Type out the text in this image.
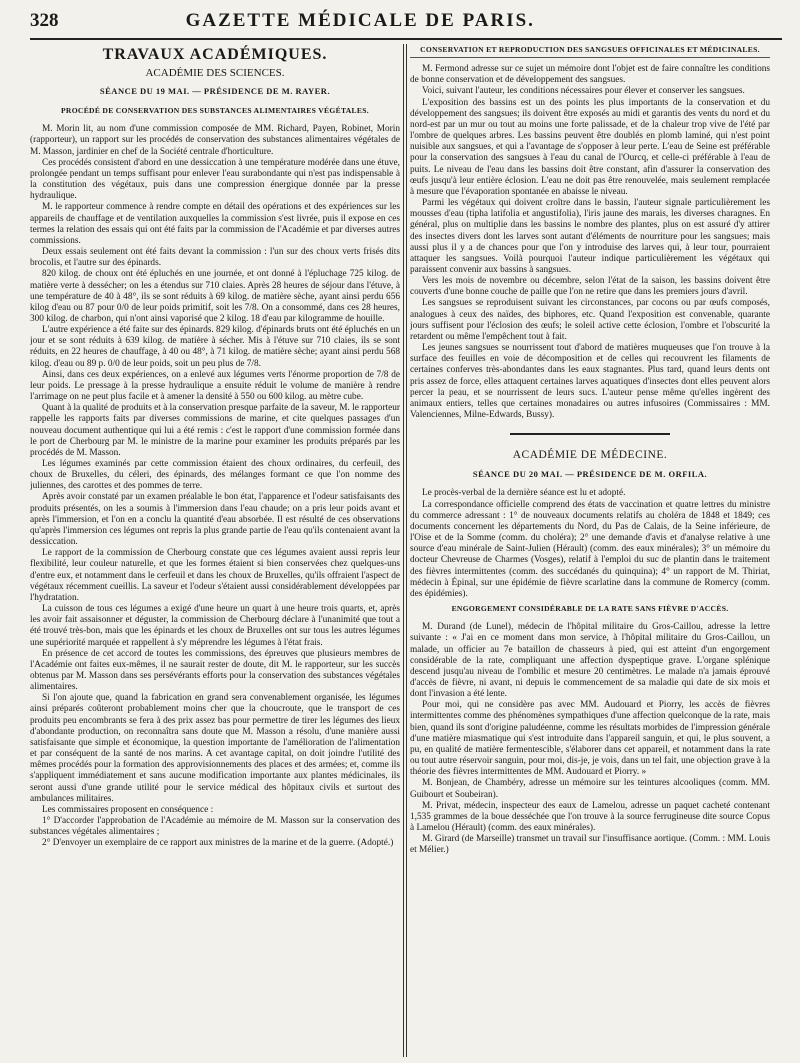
328	GAZETTE MÉDICALE DE PARIS.
TRAVAUX ACADÉMIQUES.
ACADÉMIE DES SCIENCES.
SÉANCE DU 19 MAI. — PRÉSIDENCE DE M. RAYER.
PROCÉDÉ DE CONSERVATION DES SUBSTANCES ALIMENTAIRES VÉGÉTALES.

M. Morin lit, au nom d'une commission composée de MM. Richard, Payen, Robinet, Morin (rapporteur), un rapport sur les procédés de conservation des substances alimentaires végétales de M. Masson, jardinier en chef de la Société centrale d'horticulture.

Ces procédés consistent d'abord en une dessiccation à une température modérée dans une étuve, prolongée pendant un temps suffisant pour enlever l'eau surabondante qui n'est pas indispensable à la constitution des végétaux, puis dans une compression énergique donnée par la presse hydraulique.

M. le rapporteur commence à rendre compte en détail des opérations et des expériences sur les appareils de chauffage et de ventilation auxquelles la commission s'est livrée, puis il expose en ces termes la relation des essais qui ont été faits par la commission de l'Académie et par diverses autres commissions.

Deux essais seulement ont été faits devant la commission : l'un sur des choux verts frisés dits brocolis, et l'autre sur des épinards.

820 kilog. de choux ont été épluchés en une journée, et ont donné à l'épluchage 725 kilog. de matière verte à dessécher; on les a étendus sur 710 claies. Après 28 heures de séjour dans l'étuve, à une température de 40 à 48°, ils se sont réduits à 69 kilog. de matière sèche, ayant ainsi perdu 656 kilog d'eau ou 87 pour 0/0 de leur poids primitif, soit les 7/8. On a consommé, dans ces 28 heures, 300 kilog. de charbon, qui n'ont ainsi vaporisé que 2 kilog. 18 d'eau par kilogramme de houille.

L'autre expérience a été faite sur des épinards. 829 kilog. d'épinards bruts ont été épluchés en un jour et se sont réduits à 639 kilog. de matière à sécher. Mis à l'étuve sur 710 claies, ils se sont réduits, en 22 heures de chauffage, à 40 ou 48°, à 71 kilog. de matière sèche; ayant ainsi perdu 568 kilog. d'eau ou 89 p. 0/0 de leur poids, soit un peu plus de 7/8.

Ainsi, dans ces deux expériences, on a enlevé aux légumes verts l'énorme proportion de 7/8 de leur poids. Le pressage à la presse hydraulique a ensuite réduit le volume de manière à rendre l'arrimage on ne peut plus facile et à amener la densité à 550 ou 600 kilog. au mètre cube.

Quant à la qualité de produits et à la conservation presque parfaite de la saveur, M. le rapporteur rappelle les rapports faits par diverses commissions de marine, et cite quelques passages d'un nouveau document authentique qui lui a été remis : c'est le rapport d'une commission formée dans le port de Cherbourg par M. le ministre de la marine pour examiner les produits préparés par les procédés de M. Masson.

Les légumes examinés par cette commission étaient des choux ordinaires, du cerfeuil, des choux de Bruxelles, du céleri, des épinards, des mélanges formant ce que l'on nomme des juliennes, des carottes et des pommes de terre.

Après avoir constaté par un examen préalable le bon état, l'apparence et l'odeur satisfaisants des produits présentés, on les a soumis à l'immersion dans l'eau chaude; on a pris leur poids avant et après l'immersion, et l'on en a conclu la quantité d'eau absorbée. Il est résulté de ces observations qu'après l'immersion ces légumes ont repris la plus grande partie de l'eau qu'ils contenaient avant la dessiccation.

Le rapport de la commission de Cherbourg constate que ces légumes avaient aussi repris leur flexibilité, leur couleur naturelle, et que les formes étaient si bien conservées chez quelques-uns d'entre eux, et notamment dans le cerfeuil et dans les choux de Bruxelles, qu'ils offraient l'aspect de végétaux récemment cueillis. La saveur et l'odeur s'étaient aussi considérablement développées par l'hydratation.

La cuisson de tous ces légumes a exigé d'une heure un quart à une heure trois quarts, et, après les avoir fait assaisonner et déguster, la commission de Cherbourg déclare à l'unanimité que tout a été trouvé très-bon, mais que les épinards et les choux de Bruxelles ont sur tous les autres légumes une supériorité marquée et rappellent à s'y méprendre les légumes à l'état frais.

En présence de cet accord de toutes les commissions, des épreuves que plusieurs membres de l'Académie ont faites eux-mêmes, il ne saurait rester de doute, dit M. le rapporteur, sur les succès obtenus par M. Masson dans ses persévérants efforts pour la conservation des substances végétales alimentaires.

Si l'on ajoute que, quand la fabrication en grand sera convenablement organisée, les légumes ainsi préparés coûteront probablement moins cher que la choucroute, que le transport de ces produits peu encombrants se fera à des prix assez bas pour permettre de tirer les légumes des lieux d'abondante production, on reconnaîtra sans doute que M. Masson a résolu, d'une manière aussi satisfaisante que simple et économique, la question importante de l'amélioration de l'alimentation et par conséquent de la santé de nos marins. A cet avantage capital, on doit joindre l'utilité des mêmes procédés pour la formation des approvisionnements des places et des armées; et, comme ils s'appliquent immédiatement et sans aucune modification importante aux plantes médicinales, ils seront aussi d'une grande utilité pour le service médical des hôpitaux civils et surtout des ambulances militaires.

Les commissaires proposent en conséquence :

1° D'accorder l'approbation de l'Académie au mémoire de M. Masson sur la conservation des substances végétales alimentaires ;

2° D'envoyer un exemplaire de ce rapport aux ministres de la marine et de la guerre. (Adopté.)

CONSERVATION ET REPRODUCTION DES SANGSUES OFFICINALES ET MÉDICINALES.

M. Fermond adresse sur ce sujet un mémoire dont l'objet est de faire connaître les conditions de bonne conservation et de développement des sangsues.

Voici, suivant l'auteur, les conditions nécessaires pour élever et conserver les sangsues.

L'exposition des bassins est un des points les plus importants de la conservation et du développement des sangsues; ils doivent être exposés au midi et garantis des vents du nord et du nord-est par un mur ou tout au moins une forte palissade, et de la chaleur trop vive de l'été par l'ombre de quelques arbres. Les bassins peuvent être doublés en plomb laminé, qui n'est point nuisible aux sangsues, et qui a l'avantage de s'opposer à leur perte. L'eau de Seine est préférable pour la conservation des sangsues à l'eau du canal de l'Ourcq, et celle-ci préférable à l'eau de puits. Le niveau de l'eau dans les bassins doit être constant, afin d'assurer la conservation des œufs jusqu'à leur entière éclosion. L'eau ne doit pas être renouvelée, mais seulement remplacée à mesure que l'évaporation spontanée en abaisse le niveau.

Parmi les végétaux qui doivent croître dans le bassin, l'auteur signale particulièrement les mousses d'eau (tipha latifolia et angustifolia), l'iris jaune des marais, les diverses charagnes. En général, plus on multiplie dans les bassins le nombre des plantes, plus on est assuré d'y attirer des insectes divers dont les larves sont autant d'éléments de nourriture pour les sangsues; mais aussi plus il y a de chances pour que l'on y introduise des larves qui, à leur tour, pourraient attaquer les sangsues. Voilà pourquoi l'auteur indique particulièrement les végétaux qui paraissent convenir aux bassins à sangsues.

Vers les mois de novembre ou décembre, selon l'état de la saison, les bassins doivent être couverts d'une bonne couche de paille que l'on ne retire que dans les premiers jours d'avril.

Les sangsues se reproduisent suivant les circonstances, par cocons ou par œufs composés, analogues à ceux des naïdes, des biphores, etc. Quand l'exposition est convenable, quarante jours suffisent pour l'éclosion des œufs; le soleil active cette éclosion, l'ombre et l'obscurité la retardent ou même l'empêchent tout à fait.

Les jeunes sangsues se nourrissent tout d'abord de matières muqueuses que l'on trouve à la surface des feuilles en voie de décomposition et de celles qui recouvrent les filaments de certaines conferves très-abondantes dans les eaux stagnantes. Plus tard, quand leurs dents ont pris assez de force, elles attaquent certaines larves aquatiques d'insectes dont elles peuvent alors percer la peau, et se nourrissent de leurs sucs. L'auteur pense même qu'elles ingèrent des animaux entiers, telles que certaines monadaires ou autres infusoires (Commissaires : MM. Valenciennes, Milne-Edwards, Bussy).

ACADÉMIE DE MÉDECINE.
SÉANCE DU 20 MAI. — PRÉSIDENCE DE M. ORFILA.

Le procès-verbal de la dernière séance est lu et adopté.

La correspondance officielle comprend des états de vaccination et quatre lettres du ministre du commerce adressant : 1° de nouveaux documents relatifs au choléra de 1848 et 1849; ces documents concernent les départements du Nord, du Pas de Calais, de la Seine inférieure, de l'Oise et de la Somme (comm. du choléra); 2° une demande d'avis et d'analyse relative à une source d'eau minérale de Saint-Julien (Hérault) (comm. des eaux minérales); 3° un mémoire du docteur Chevreuse de Charmes (Vosges), relatif à l'emploi du suc de plantin dans le traitement des fièvres intermittentes (comm. des succédanés du quinquina); 4° un rapport de M. Thiriat, médecin à Épinal, sur une épidémie de fièvre scarlatine dans la commune de Romercy (comm. des épidémies).

ENGORGEMENT CONSIDÉRABLE DE LA RATE SANS FIÈVRE D'ACCÈS.

M. Durand (de Lunel), médecin de l'hôpital militaire du Gros-Caillou, adresse la lettre suivante : « J'ai en ce moment dans mon service, à l'hôpital militaire du Gros-Caillou, un malade, un officier au 7e bataillon de chasseurs à pied, qui est atteint d'un engorgement considérable de la rate, compliquant une affection dyspeptique grave. L'organe splénique descend jusqu'au niveau de l'ombilic et mesure 20 centimètres. Le malade n'a jamais éprouvé d'accès de fièvre, ni avant, ni depuis le commencement de sa maladie qui date de six mois et dont l'invasion a été lente.

Pour moi, qui ne considère pas avec MM. Audouard et Piorry, les accès de fièvres intermittentes comme des phénomènes sympathiques d'une affection quelconque de la rate, mais bien, quand ils sont d'origine paludéenne, comme les résultats morbides de l'impression générale d'une matière miasmatique qui s'est introduite dans l'appareil sanguin, et qui, le plus souvent, a pu, en qualité de matière fermentescible, s'élaborer dans cet appareil, et notamment dans la rate ou tout autre réservoir sanguin, pour moi, dis-je, je vois, dans un tel fait, une objection grave à la théorie des fièvres intermittentes de MM. Audouard et Piorry. »

M. Bonjean, de Chambéry, adresse un mémoire sur les teintures alcooliques (comm. MM. Guibourt et Soubeiran).

M. Privat, médecin, inspecteur des eaux de Lamelou, adresse un paquet cacheté contenant 1,535 grammes de la boue desséchée que l'on trouve à la source ferrugineuse dite source Copus à Lamelou (Hérault) (comm. des eaux minérales).

M. Girard (de Marseille) transmet un travail sur l'insuffisance aortique. (Comm. : MM. Louis et Mélier.)
